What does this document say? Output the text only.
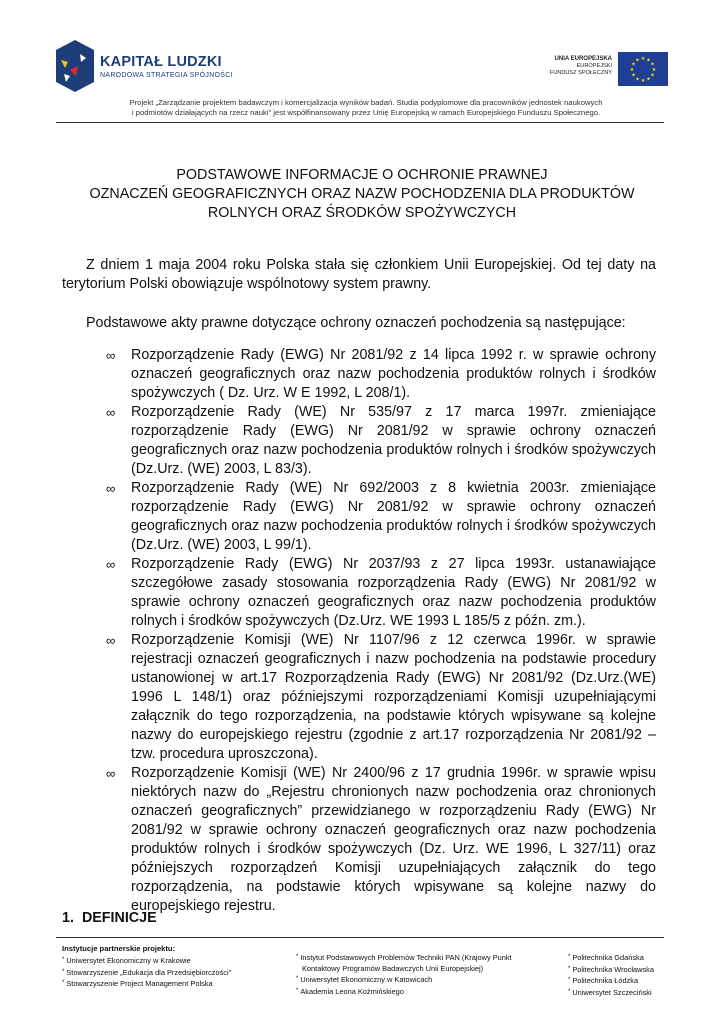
KAPITAŁ LUDZKI
NARODOWA STRATEGIA SPÓJNOŚCI
UNIA EUROPEJSKA
EUROPEJSKI
FUNDUSZ SPOŁECZNY
★ ★
★
★
★
★
★
★
★
★
★
★
Projekt „Zarządzanie projektem badawczym i komercjalizacja wyników badań. Studia podyplomowe dla pracowników jednostek naukowych
i podmiotów działających na rzecz nauki” jest współfinansowany przez Unię Europejską w ramach Europejskiego Funduszu Społecznego.
PODSTAWOWE INFORMACJE O OCHRONIE PRAWNEJ
OZNACZEŃ GEOGRAFICZNYCH ORAZ NAZW POCHODZENIA DLA PRODUKTÓW
ROLNYCH ORAZ ŚRODKÓW SPOŻYWCZYCH

Z dniem 1 maja 2004 roku Polska stała się członkiem Unii Europejskiej. Od tej daty na terytorium Polski obowiązuje wspólnotowy system prawny.

Podstawowe akty prawne dotyczące ochrony oznaczeń pochodzenia są następujące:

∞ Rozporządzenie Rady (EWG) Nr 2081/92 z 14 lipca 1992 r. w sprawie ochrony oznaczeń geograficznych oraz nazw pochodzenia produktów rolnych i środków spożywczych ( Dz. Urz. W E 1992, L 208/1).
∞ Rozporządzenie Rady (WE) Nr 535/97 z 17 marca 1997r. zmieniające rozporządzenie Rady (EWG) Nr 2081/92 w sprawie ochrony oznaczeń geograficznych oraz nazw pochodzenia produktów rolnych i środków spożywczych (Dz.Urz. (WE) 2003, L 83/3).
∞ Rozporządzenie Rady (WE) Nr 692/2003 z 8 kwietnia 2003r. zmieniające rozporządzenie Rady (EWG) Nr 2081/92 w sprawie ochrony oznaczeń geograficznych oraz nazw pochodzenia produktów rolnych i środków spożywczych (Dz.Urz. (WE) 2003, L 99/1).
∞ Rozporządzenie Rady (EWG) Nr 2037/93 z 27 lipca 1993r. ustanawiające szczegółowe zasady stosowania rozporządzenia Rady (EWG) Nr 2081/92 w sprawie ochrony oznaczeń geograficznych oraz nazw pochodzenia produktów rolnych i środków spożywczych (Dz.Urz. WE 1993 L 185/5 z późn. zm.).
∞ Rozporządzenie Komisji (WE) Nr 1107/96 z 12 czerwca 1996r. w sprawie rejestracji oznaczeń geograficznych i nazw pochodzenia na podstawie procedury ustanowionej w art.17 Rozporządzenia Rady (EWG) Nr 2081/92 (Dz.Urz.(WE) 1996 L 148/1) oraz późniejszymi rozporządzeniami Komisji uzupełniającymi załącznik do tego rozporządzenia, na podstawie których wpisywane są kolejne nazwy do europejskiego rejestru (zgodnie z art.17 rozporządzenia Nr 2081/92 – tzw. procedura uproszczona).
∞ Rozporządzenie Komisji (WE) Nr 2400/96 z 17 grudnia 1996r. w sprawie wpisu niektórych nazw do „Rejestru chronionych nazw pochodzenia oraz chronionych oznaczeń geograficznych” przewidzianego w rozporządzeniu Rady (EWG) Nr 2081/92 w sprawie ochrony oznaczeń geograficznych oraz nazw pochodzenia produktów rolnych i środków spożywczych (Dz. Urz. WE 1996, L 327/11) oraz późniejszych rozporządzeń Komisji uzupełniających załącznik do tego rozporządzenia, na podstawie których wpisywane są kolejne nazwy do europejskiego rejestru.
1. DEFINICJE
Instytucje partnerskie projektu:
* Uniwersytet Ekonomiczny w Krakowie
* Stowarzyszenie „Edukacja dla Przedsiębiorczości”
* Stowarzyszenie Project Management Polska
* Instytut Podstawowych Problemów Techniki PAN (Krajowy Punkt
Kontaktowy Programów Badawczych Unii Europejskiej)
* Uniwersytet Ekonomiczny w Katowicach
* Akademia Leona Koźmińskiego
* Politechnika Gdańska
* Politechnika Wrocławska
* Politechnika Łódzka
* Uniwersytet Szczeciński
